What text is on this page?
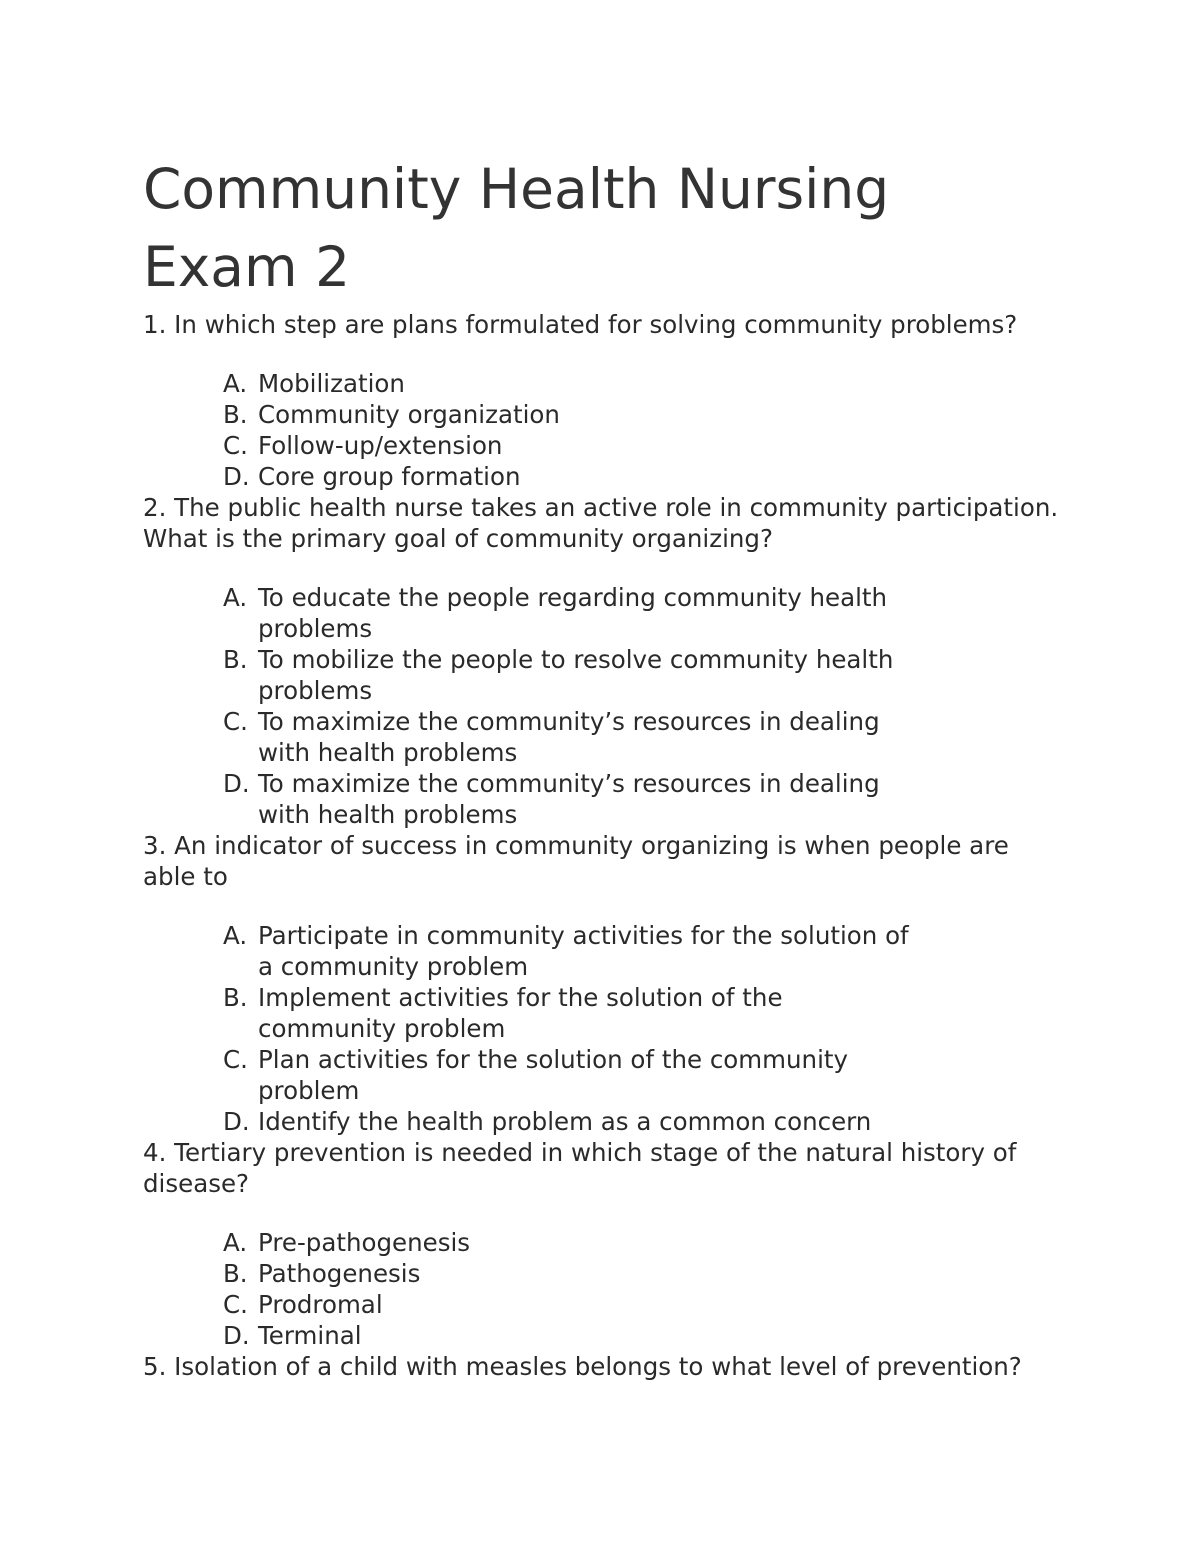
Community Health Nursing Exam 2

1. In which step are plans formulated for solving community problems?

A. Mobilization
B. Community organization
C. Follow-up/extension
D. Core group formation

2. The public health nurse takes an active role in community participation. What is the primary goal of community organizing?

A. To educate the people regarding community health problems
B. To mobilize the people to resolve community health problems
C. To maximize the community’s resources in dealing with health problems
D. To maximize the community’s resources in dealing with health problems

3. An indicator of success in community organizing is when people are able to

A. Participate in community activities for the solution of a community problem
B. Implement activities for the solution of the community problem
C. Plan activities for the solution of the community problem
D. Identify the health problem as a common concern

4. Tertiary prevention is needed in which stage of the natural history of disease?

A. Pre-pathogenesis
B. Pathogenesis
C. Prodromal
D. Terminal

5. Isolation of a child with measles belongs to what level of prevention?
